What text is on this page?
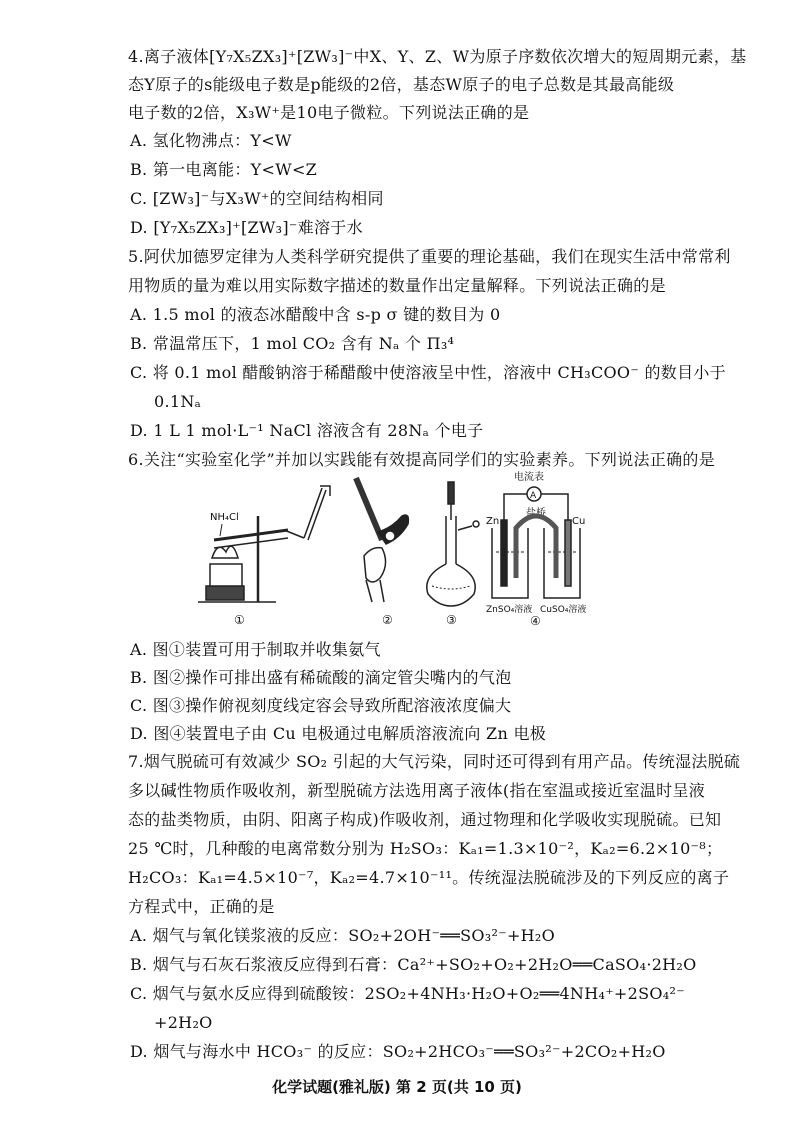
4.离子液体[Y₇X₅ZX₃]⁺[ZW₃]⁻中X、Y、Z、W为原子序数依次增大的短周期元素，基
态Y原子的s能级电子数是p能级的2倍，基态W原子的电子总数是其最高能级
电子数的2倍，X₃W⁺是10电子微粒。下列说法正确的是
A. 氢化物沸点：Y<W
B. 第一电离能：Y<W<Z
C. [ZW₃]⁻与X₃W⁺的空间结构相同
D. [Y₇X₅ZX₃]⁺[ZW₃]⁻难溶于水
5.阿伏加德罗定律为人类科学研究提供了重要的理论基础，我们在现实生活中常常利
用物质的量为难以用实际数字描述的数量作出定量解释。下列说法正确的是
A. 1.5 mol 的液态冰醋酸中含 s-p σ 键的数目为 0
B. 常温常压下，1 mol CO₂ 含有 Nₐ 个 Π₃⁴
C. 将 0.1 mol 醋酸钠溶于稀醋酸中使溶液呈中性，溶液中 CH₃COO⁻ 的数目小于
0.1Nₐ
D. 1 L 1 mol·L⁻¹ NaCl 溶液含有 28Nₐ 个电子
6.关注“实验室化学”并加以实践能有效提高同学们的实验素养。下列说法正确的是
NH₄Cl
①	②	③
电流表
A
盐桥
Zn	Cu
ZnSO₄溶液 CuSO₄溶液
④
A. 图①装置可用于制取并收集氨气
B. 图②操作可排出盛有稀硫酸的滴定管尖嘴内的气泡
C. 图③操作俯视刻度线定容会导致所配溶液浓度偏大
D. 图④装置电子由 Cu 电极通过电解质溶液流向 Zn 电极
7.烟气脱硫可有效减少 SO₂ 引起的大气污染，同时还可得到有用产品。传统湿法脱硫
多以碱性物质作吸收剂，新型脱硫方法选用离子液体(指在室温或接近室温时呈液
态的盐类物质，由阴、阳离子构成)作吸收剂，通过物理和化学吸收实现脱硫。已知
25 ℃时，几种酸的电离常数分别为 H₂SO₃：Kₐ₁=1.3×10⁻²，Kₐ₂=6.2×10⁻⁸；
H₂CO₃：Kₐ₁=4.5×10⁻⁷，Kₐ₂=4.7×10⁻¹¹。传统湿法脱硫涉及的下列反应的离子
方程式中，正确的是
A. 烟气与氧化镁浆液的反应：SO₂+2OH⁻══SO₃²⁻+H₂O
B. 烟气与石灰石浆液反应得到石膏：Ca²⁺+SO₂+O₂+2H₂O══CaSO₄·2H₂O
C. 烟气与氨水反应得到硫酸铵：2SO₂+4NH₃·H₂O+O₂══4NH₄⁺+2SO₄²⁻
+2H₂O
D. 烟气与海水中 HCO₃⁻ 的反应：SO₂+2HCO₃⁻══SO₃²⁻+2CO₂+H₂O
化学试题(雅礼版) 第 2 页(共 10 页)
